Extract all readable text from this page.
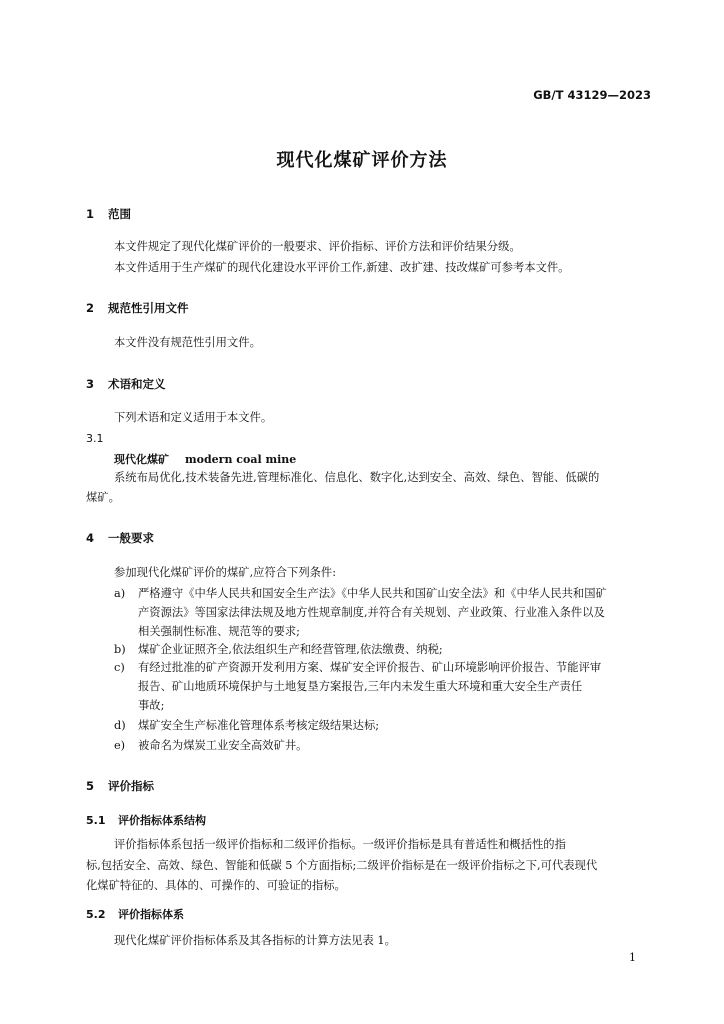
GB/T 43129—2023
现代化煤矿评价方法
1 范围
本文件规定了现代化煤矿评价的一般要求、评价指标、评价方法和评价结果分级。
本文件适用于生产煤矿的现代化建设水平评价工作,新建、改扩建、技改煤矿可参考本文件。
2 规范性引用文件
本文件没有规范性引用文件。
3 术语和定义
下列术语和定义适用于本文件。
3.1
现代化煤矿 modern coal mine
系统布局优化,技术装备先进,管理标准化、信息化、数字化,达到安全、高效、绿色、智能、低碳的
煤矿。
4 一般要求
参加现代化煤矿评价的煤矿,应符合下列条件:
a) 严格遵守《中华人民共和国安全生产法》《中华人民共和国矿山安全法》和《中华人民共和国矿
产资源法》等国家法律法规及地方性规章制度,并符合有关规划、产业政策、行业准入条件以及
相关强制性标准、规范等的要求;
b) 煤矿企业证照齐全,依法组织生产和经营管理,依法缴费、纳税;
c) 有经过批准的矿产资源开发利用方案、煤矿安全评价报告、矿山环境影响评价报告、节能评审
报告、矿山地质环境保护与土地复垦方案报告,三年内未发生重大环境和重大安全生产责任
事故;
d) 煤矿安全生产标准化管理体系考核定级结果达标;
e) 被命名为煤炭工业安全高效矿井。
5 评价指标
5.1 评价指标体系结构
评价指标体系包括一级评价指标和二级评价指标。一级评价指标是具有普适性和概括性的指
标,包括安全、高效、绿色、智能和低碳 5 个方面指标;二级评价指标是在一级评价指标之下,可代表现代
化煤矿特征的、具体的、可操作的、可验证的指标。
5.2 评价指标体系
现代化煤矿评价指标体系及其各指标的计算方法见表 1。
1
